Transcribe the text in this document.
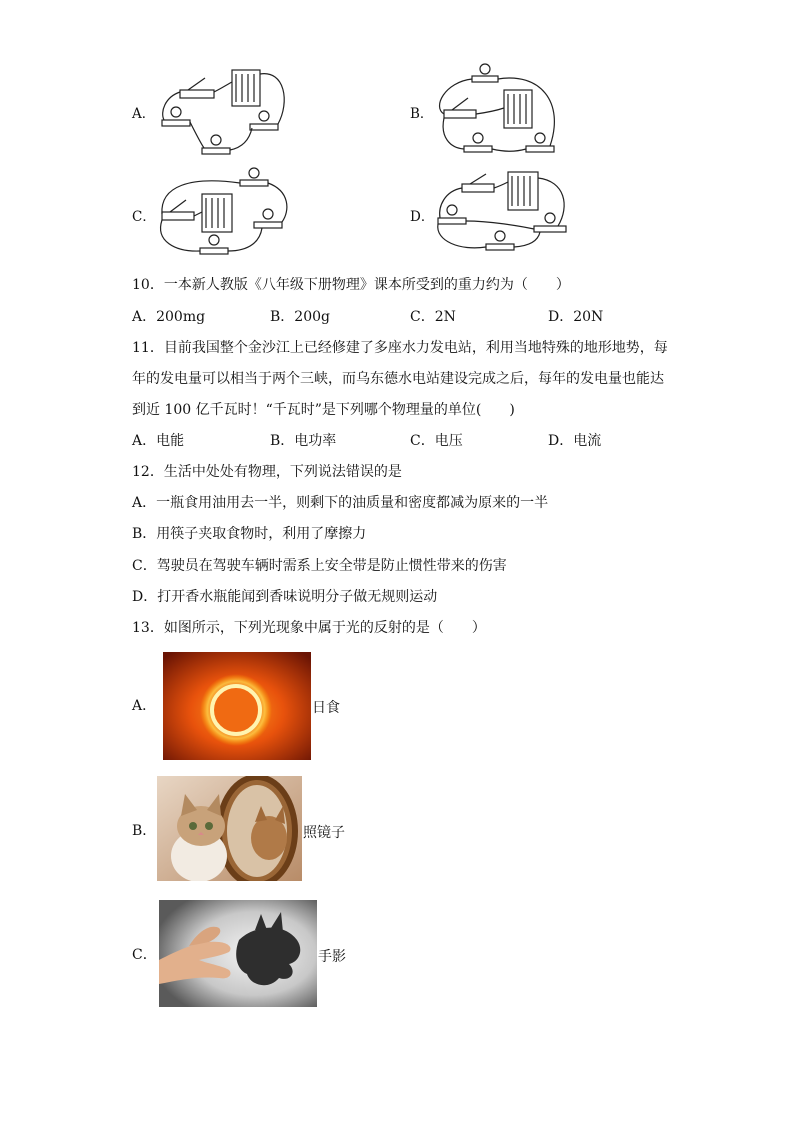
A．	B．
C．	D．
10．一本新人教版《八年级下册物理》课本所受到的重力约为（　　）
A．200mg	B．200g	C．2N	D．20N
11．目前我国整个金沙江上已经修建了多座水力发电站，利用当地特殊的地形地势，每
年的发电量可以相当于两个三峡，而乌东德水电站建设完成之后，每年的发电量也能达
到近 100 亿千瓦时！“千瓦时”是下列哪个物理量的单位(　　)
A．电能	B．电功率	C．电压	D．电流
12．生活中处处有物理，下列说法错误的是
A．一瓶食用油用去一半，则剩下的油质量和密度都减为原来的一半
B．用筷子夹取食物时，利用了摩擦力
C．驾驶员在驾驶车辆时需系上安全带是防止惯性带来的伤害
D．打开香水瓶能闻到香味说明分子做无规则运动
13．如图所示，下列光现象中属于光的反射的是（　　）
A．	日食
B．	照镜子
C．	手影
